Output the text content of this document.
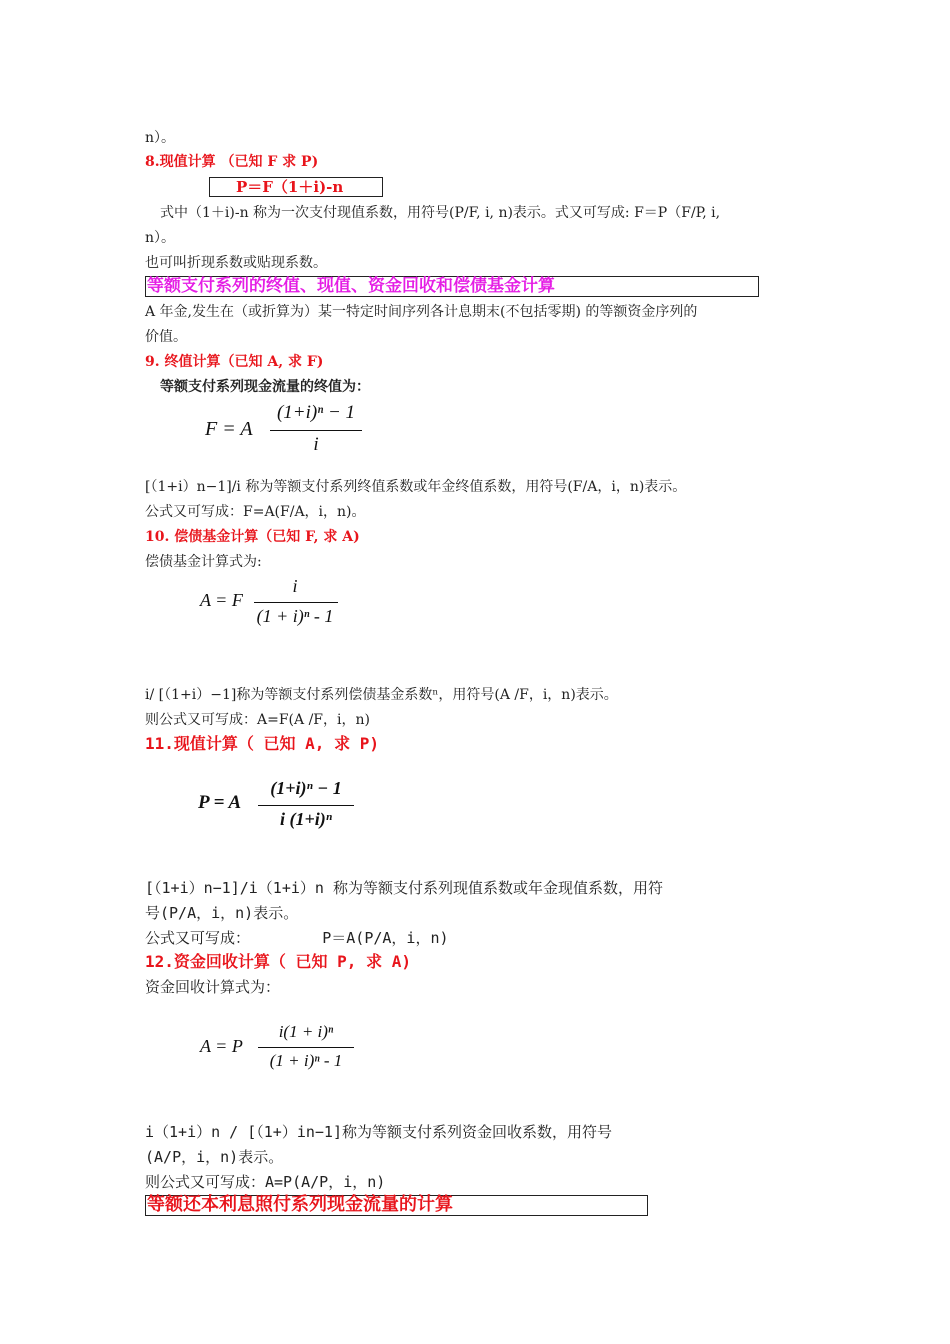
n）。
8.现值计算 （已知 F 求 P)
P＝F（1＋i)-n
式中（1＋i)-n 称为一次支付现值系数，用符号(P/F, i, n)表示。式又可写成: F＝P（F/P, i,
n）。
也可叫折现系数或贴现系数。
等额支付系列的终值、现值、资金回收和偿债基金计算
A 年金,发生在（或折算为）某一特定时间序列各计息期末(不包括零期) 的等额资金序列的
价值。
9. 终值计算（已知 A, 求 F)
等额支付系列现金流量的终值为：
F = A
(1+i)ⁿ − 1
i
[（1+i）n−1]/i 称为等额支付系列终值系数或年金终值系数，用符号(F/A，i，n)表示。
公式又可写成：F=A(F/A，i，n)。
10. 偿债基金计算（已知 F, 求 A)
偿债基金计算式为:
A = F
i
(1 + i)ⁿ - 1
i/ [（1+i）−1]称为等额支付系列偿债基金系数ⁿ，用符号(A /F，i，n)表示。
则公式又可写成：A=F(A /F，i，n)
11.现值计算（ 已知 A, 求 P)
P = A
(1+i)ⁿ − 1
i (1+i)ⁿ
[（1+i）n−1]/i（1+i）n 称为等额支付系列现值系数或年金现值系数，用符
号(P/A，i，n)表示。
公式又可写成：        P＝A(P/A，i，n)
12.资金回收计算（ 已知 P, 求 A)
资金回收计算式为：
A = P
i(1 + i)ⁿ
(1 + i)ⁿ - 1
i（1+i）n / [（1+）in−1]称为等额支付系列资金回收系数，用符号
(A/P，i，n)表示。
则公式又可写成：A=P(A/P，i，n)
等额还本利息照付系列现金流量的计算
